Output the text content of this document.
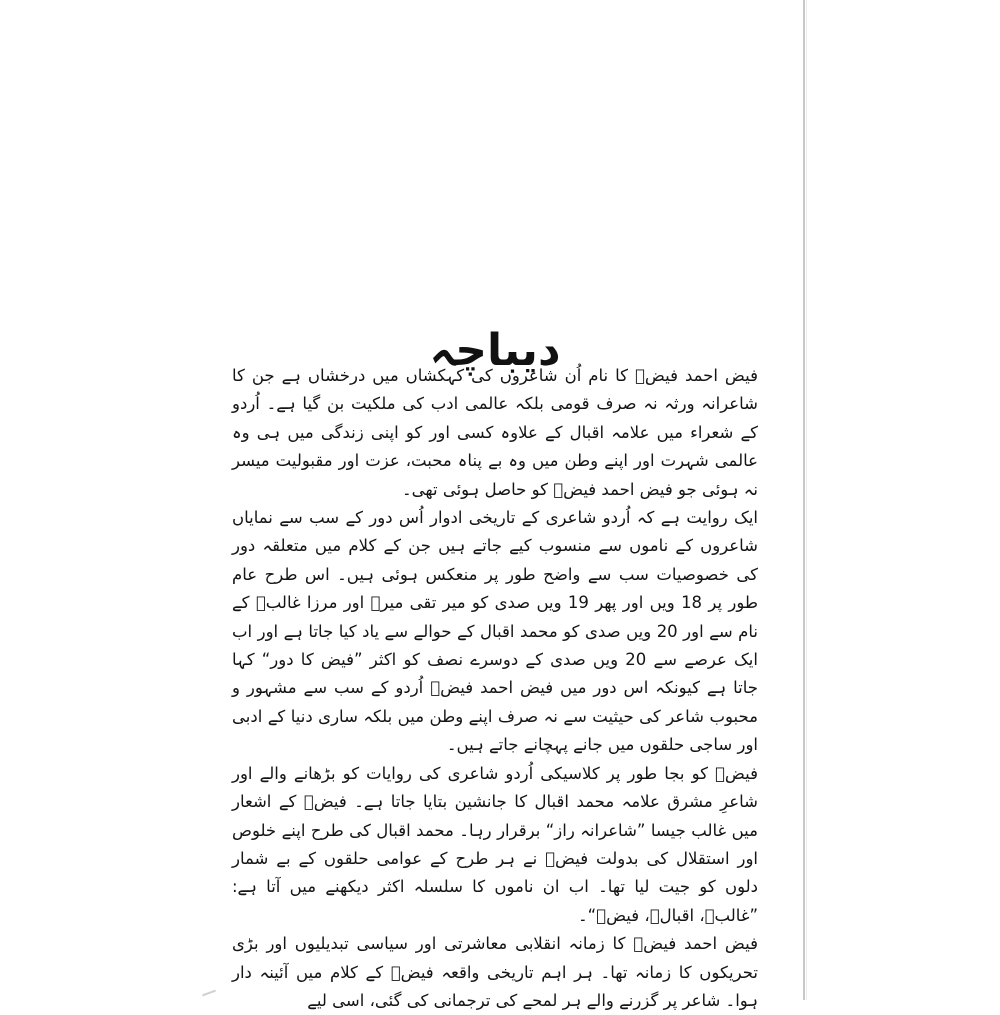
دیباچہ

فیض احمد فیضؔ کا نام اُن شاعروں کی کہکشاں میں درخشاں ہے جن کا شاعرانہ ورثہ نہ صرف قومی بلکہ عالمی ادب کی ملکیت بن گیا ہے۔ اُردو کے شعراء میں علامہ اقبال کے علاوہ کسی اور کو اپنی زندگی میں ہی وہ عالمی شہرت اور اپنے وطن میں وہ بے پناہ محبت، عزت اور مقبولیت میسر نہ ہوئی جو فیض احمد فیضؔ کو حاصل ہوئی تھی۔

ایک روایت ہے کہ اُردو شاعری کے تاریخی ادوار اُس دور کے سب سے نمایاں شاعروں کے ناموں سے منسوب کیے جاتے ہیں جن کے کلام میں متعلقہ دور کی خصوصیات سب سے واضح طور پر منعکس ہوئی ہیں۔ اس طرح عام طور پر 18 ویں اور پھر 19 ویں صدی کو میر تقی میرؔ اور مرزا غالبؔ کے نام سے اور 20 ویں صدی کو محمد اقبال کے حوالے سے یاد کیا جاتا ہے اور اب ایک عرصے سے 20 ویں صدی کے دوسرے نصف کو اکثر ”فیض کا دور“ کہا جاتا ہے کیونکہ اس دور میں فیض احمد فیضؔ اُردو کے سب سے مشہور و محبوب شاعر کی حیثیت سے نہ صرف اپنے وطن میں بلکہ ساری دنیا کے ادبی اور ساجی حلقوں میں جانے پہچانے جاتے ہیں۔

فیضؔ کو بجا طور پر کلاسیکی اُردو شاعری کی روایات کو بڑھانے والے اور شاعرِ مشرق علامہ محمد اقبال کا جانشین بتایا جاتا ہے۔ فیضؔ کے اشعار میں غالب جیسا ”شاعرانہ راز“ برقرار رہا۔ محمد اقبال کی طرح اپنے خلوص اور استقلال کی بدولت فیضؔ نے ہر طرح کے عوامی حلقوں کے بے شمار دلوں کو جیت لیا تھا۔ اب ان ناموں کا سلسلہ اکثر دیکھنے میں آتا ہے: ”غالبؔ، اقبالؔ، فیضؔ“۔

فیض احمد فیضؔ کا زمانہ انقلابی معاشرتی اور سیاسی تبدیلیوں اور بڑی تحریکوں کا زمانہ تھا۔ ہر اہم تاریخی واقعہ فیضؔ کے کلام میں آئینہ دار ہوا۔ شاعر پر گزرنے والے ہر لمحے کی ترجمانی کی گئی، اسی لیے
